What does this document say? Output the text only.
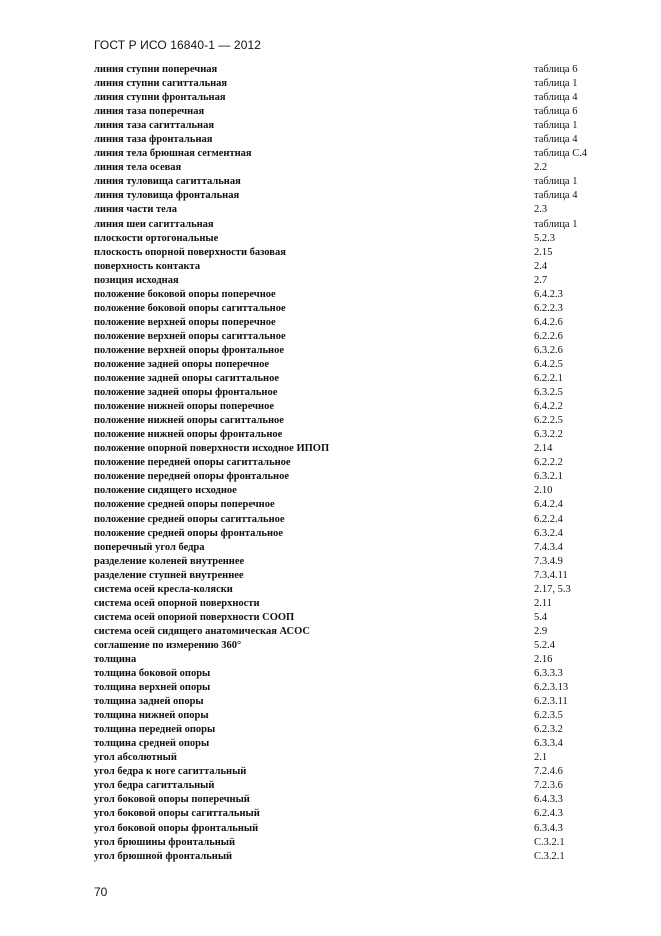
ГОСТ Р ИСО 16840-1 — 2012
линия ступни поперечная	таблица 6
линия ступни сагиттальная	таблица 1
линия ступни фронтальная	таблица 4
линия таза поперечная	таблица 6
линия таза сагиттальная	таблица 1
линия таза фронтальная	таблица 4
линия тела брюшная сегментная	таблица С.4
линия тела осевая	2.2
линия туловища сагиттальная	таблица 1
линия туловища фронтальная	таблица 4
линия части тела	2.3
линия шеи сагиттальная	таблица 1
плоскости ортогональные	5.2.3
плоскость опорной поверхности базовая	2.15
поверхность контакта	2.4
позиция исходная	2.7
положение боковой опоры поперечное	6.4.2.3
положение боковой опоры сагиттальное	6.2.2.3
положение верхней опоры поперечное	6.4.2.6
положение верхней опоры сагиттальное	6.2.2.6
положение верхней опоры фронтальное	6.3.2.6
положение задней опоры поперечное	6.4.2.5
положение задней опоры сагиттальное	6.2.2.1
положение задней опоры фронтальное	6.3.2.5
положение нижней опоры поперечное	6.4.2.2
положение нижней опоры сагиттальное	6.2.2.5
положение нижней опоры фронтальное	6.3.2.2
положение опорной поверхности исходное ИПОП	2.14
положение передней опоры сагиттальное	6.2.2.2
положение передней опоры фронтальное	6.3.2.1
положение сидящего исходное	2.10
положение средней опоры поперечное	6.4.2.4
положение средней опоры сагиттальное	6.2.2.4
положение средней опоры фронтальное	6.3.2.4
поперечный угол бедра	7.4.3.4
разделение коленей внутреннее	7.3.4.9
разделение ступней внутреннее	7.3.4.11
система осей кресла-коляски	2.17, 5.3
система осей опорной поверхности	2.11
система осей опорной поверхности СООП	5.4
система осей сидящего анатомическая АСОС	2.9
соглашение по измерению 360°	5.2.4
толщина	2.16
толщина боковой опоры	6.3.3.3
толщина верхней опоры	6.2.3.13
толщина задней опоры	6.2.3.11
толщина нижней опоры	6.2.3.5
толщина передней опоры	6.2.3.2
толщина средней опоры	6.3.3.4
угол абсолютный	2.1
угол бедра к ноге сагиттальный	7.2.4.6
угол бедра сагиттальный	7.2.3.6
угол боковой опоры поперечный	6.4.3.3
угол боковой опоры сагиттальный	6.2.4.3
угол боковой опоры фронтальный	6.3.4.3
угол брюшины фронтальный	С.3.2.1
угол брюшной фронтальный	С.3.2.1
70
